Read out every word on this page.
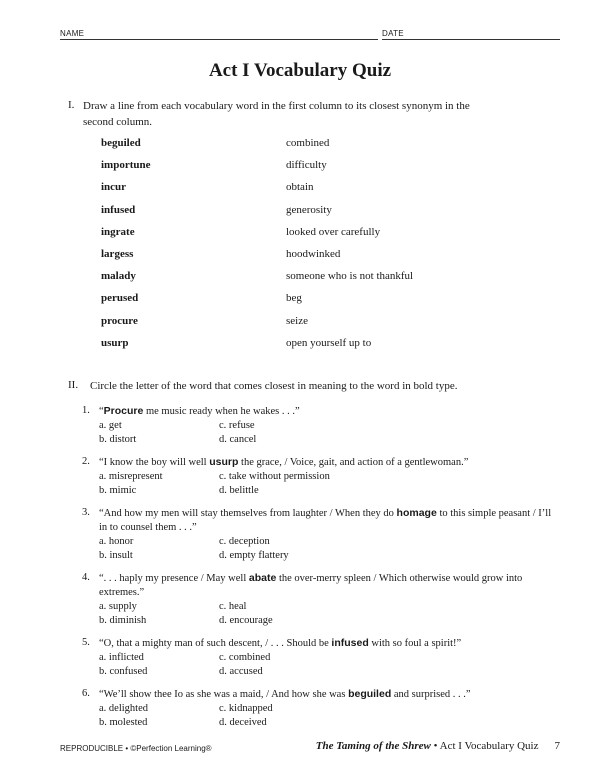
NAME	DATE
Act I Vocabulary Quiz
I. Draw a line from each vocabulary word in the first column to its closest synonym in the
second column.
beguiled	combined
importune	difficulty
incur	obtain
infused	generosity
ingrate	looked over carefully
largess	hoodwinked
malady	someone who is not thankful
perused	beg
procure	seize
usurp	open yourself up to
II. Circle the letter of the word that comes closest in meaning to the word in bold type.
1. “Procure me music ready when he wakes . . .”
a. get	c. refuse
b. distort	d. cancel
2. “I know the boy will well usurp the grace, / Voice, gait, and action of a gentlewoman.”
a. misrepresent	c. take without permission
b. mimic	d. belittle
3. “And how my men will stay themselves from laughter / When they do homage to this simple peasant / I’ll in to counsel them . . .”
a. honor	c. deception
b. insult	d. empty flattery
4. “. . . haply my presence / May well abate the over-merry spleen / Which otherwise would grow into extremes.”
a. supply	c. heal
b. diminish	d. encourage
5. “O, that a mighty man of such descent, / . . . Should be infused with so foul a spirit!”
a. inflicted	c. combined
b. confused	d. accused
6. “We’ll show thee Io as she was a maid, / And how she was beguiled and surprised . . .”
a. delighted	c. kidnapped
b. molested	d. deceived
REPRODUCIBLE • ©Perfection Learning®	The Taming of the Shrew • Act I Vocabulary Quiz 7
